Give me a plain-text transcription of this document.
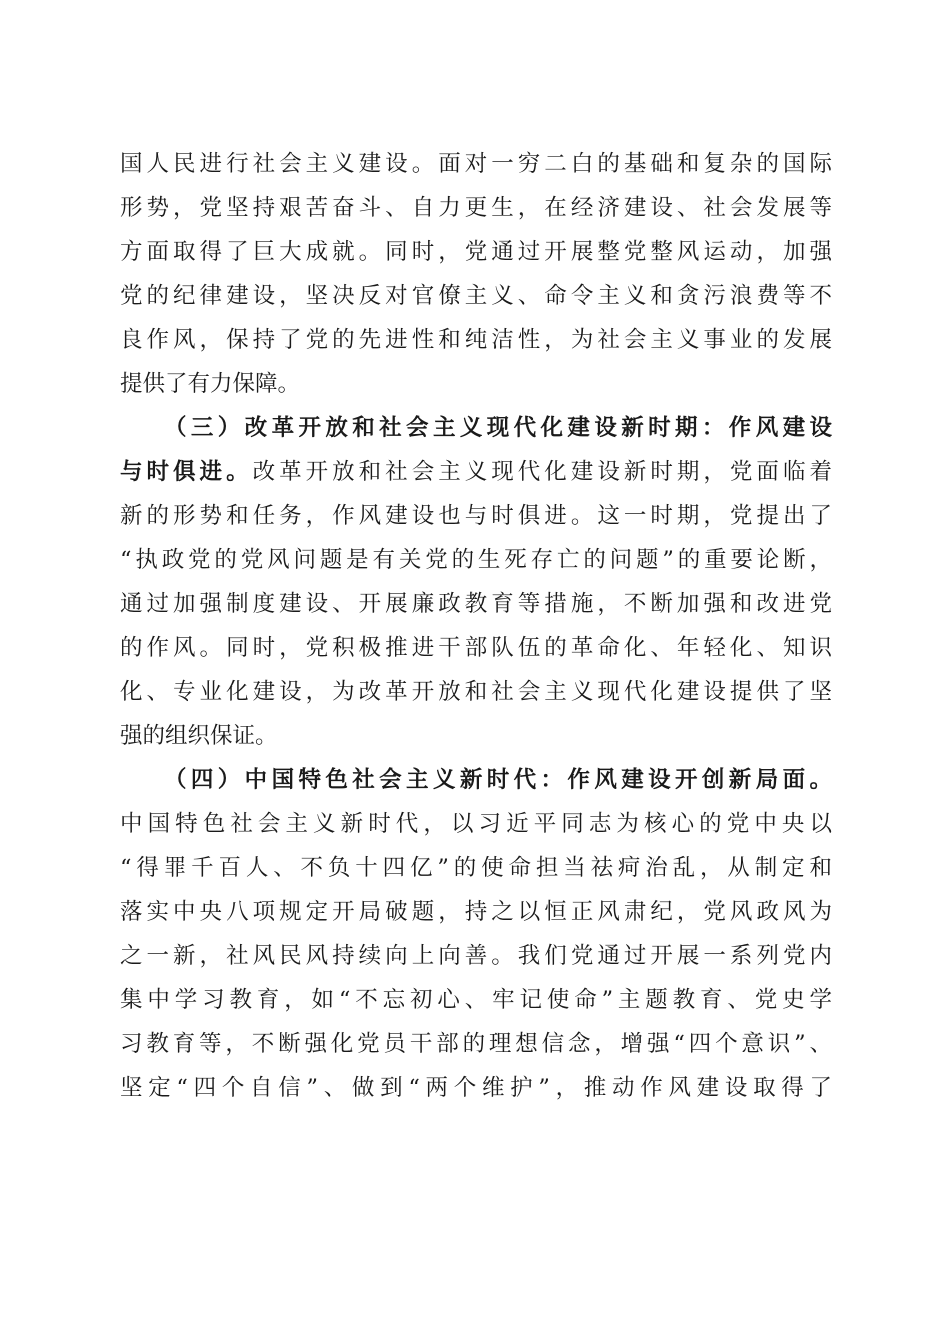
国人民进行社会主义建设。面对一穷二白的基础和复杂的国际
形势，党坚持艰苦奋斗、自力更生，在经济建设、社会发展等
方面取得了巨大成就。同时，党通过开展整党整风运动，加强
党的纪律建设，坚决反对官僚主义、命令主义和贪污浪费等不
良作风，保持了党的先进性和纯洁性，为社会主义事业的发展
提供了有力保障。
（三）改革开放和社会主义现代化建设新时期：作风建设
与时俱进。改革开放和社会主义现代化建设新时期，党面临着
新的形势和任务，作风建设也与时俱进。这一时期，党提出了
“执政党的党风问题是有关党的生死存亡的问题”的重要论断，
通过加强制度建设、开展廉政教育等措施，不断加强和改进党
的作风。同时，党积极推进干部队伍的革命化、年轻化、知识
化、专业化建设，为改革开放和社会主义现代化建设提供了坚
强的组织保证。
（四）中国特色社会主义新时代：作风建设开创新局面。
中国特色社会主义新时代，以习近平同志为核心的党中央以
“得罪千百人、不负十四亿”的使命担当祛疴治乱，从制定和
落实中央八项规定开局破题，持之以恒正风肃纪，党风政风为
之一新，社风民风持续向上向善。我们党通过开展一系列党内
集中学习教育，如“不忘初心、牢记使命”主题教育、党史学
习教育等，不断强化党员干部的理想信念，增强“四个意识”、
坚定“四个自信”、做到“两个维护”，推动作风建设取得了
